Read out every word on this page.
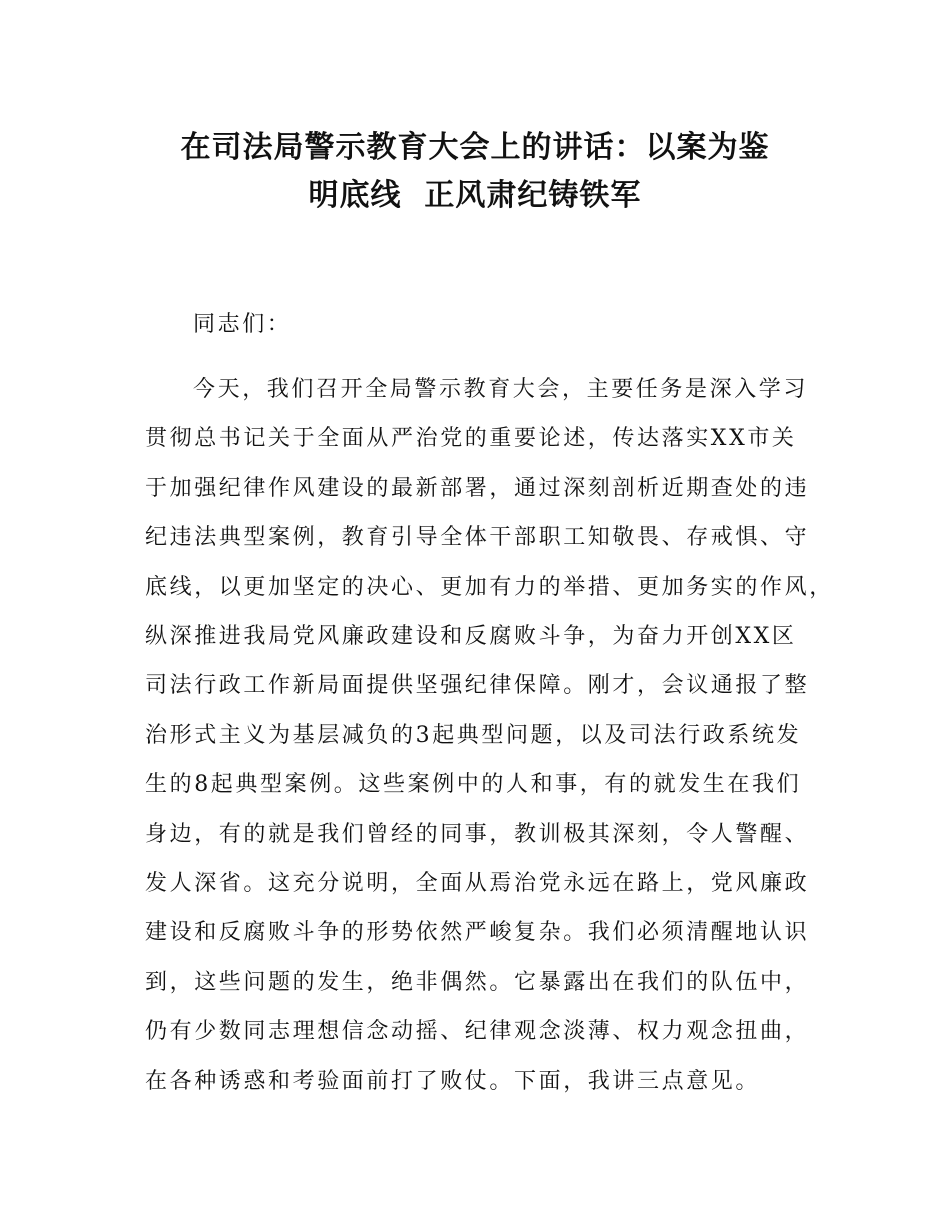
在司法局警示教育大会上的讲话：以案为鉴
明底线  正风肃纪铸铁军
同志们：
今天，我们召开全局警示教育大会，主要任务是深入学习
贯彻总书记关于全面从严治党的重要论述，传达落实XX市关
于加强纪律作风建设的最新部署，通过深刻剖析近期查处的违
纪违法典型案例，教育引导全体干部职工知敬畏、存戒惧、守
底线，以更加坚定的决心、更加有力的举措、更加务实的作风，
纵深推进我局党风廉政建设和反腐败斗争，为奋力开创XX区
司法行政工作新局面提供坚强纪律保障。刚才，会议通报了整
治形式主义为基层减负的3起典型问题，以及司法行政系统发
生的8起典型案例。这些案例中的人和事，有的就发生在我们
身边，有的就是我们曾经的同事，教训极其深刻，令人警醒、
发人深省。这充分说明，全面从焉治党永远在路上，党风廉政
建设和反腐败斗争的形势依然严峻复杂。我们必须清醒地认识
到，这些问题的发生，绝非偶然。它暴露出在我们的队伍中，
仍有少数同志理想信念动摇、纪律观念淡薄、权力观念扭曲，
在各种诱惑和考验面前打了败仗。下面，我讲三点意见。
